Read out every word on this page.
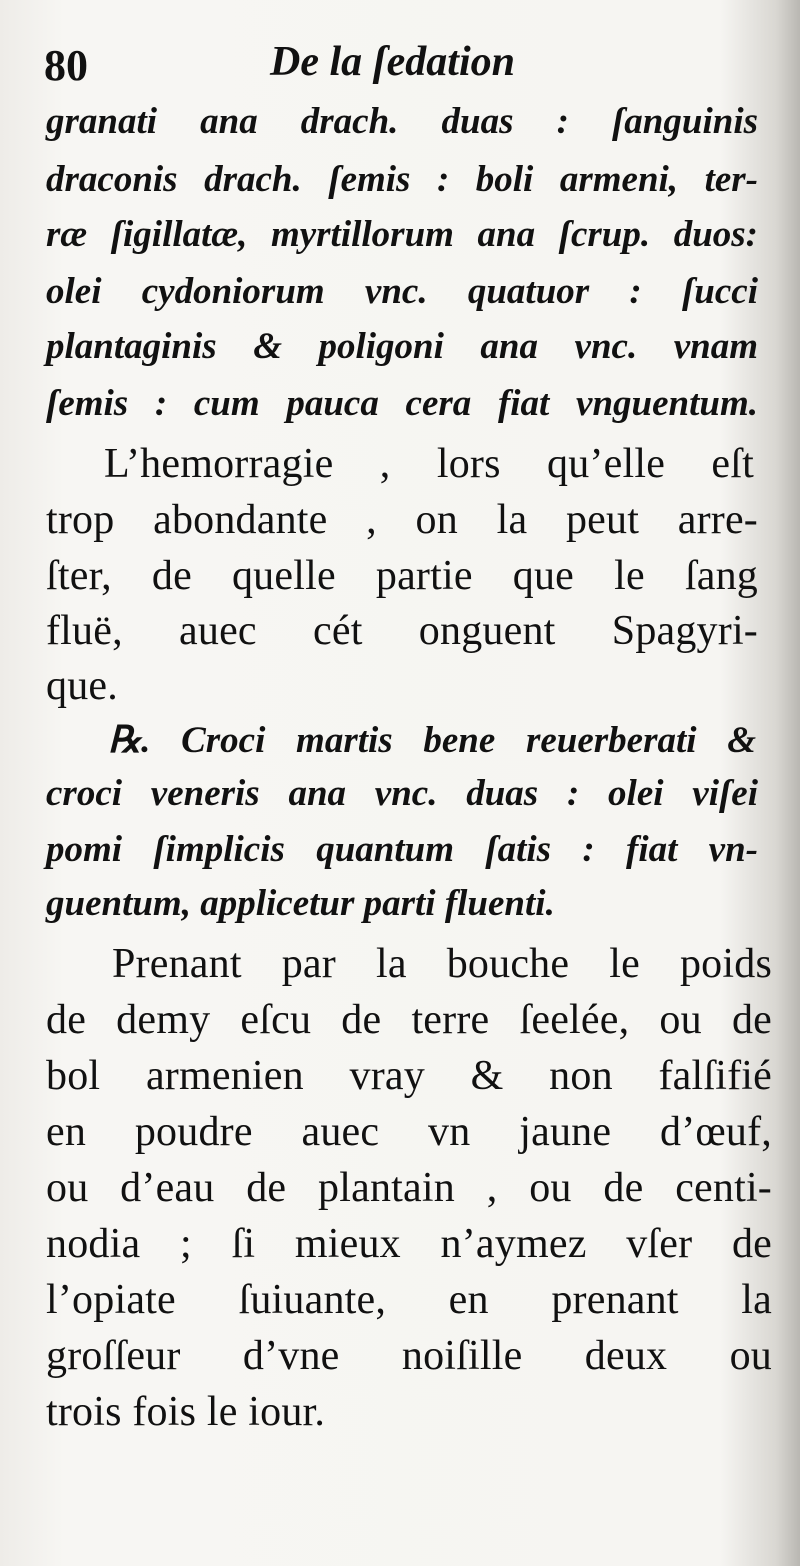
80	De la ſedation
granati ana drach. duas : ſanguinis
draconis drach. ſemis : boli armeni, ter-
ræ ſigillatæ, myrtillorum ana ſcrup. duos:
olei cydoniorum vnc. quatuor : ſucci
plantaginis & poligoni ana vnc. vnam
ſemis : cum pauca cera fiat vnguentum.
L’hemorragie , lors qu’elle eſt
trop abondante , on la peut arre-
ſter, de quelle partie que le ſang
fluë, auec cét onguent Spagyri-
que.
℞. Croci martis bene reuerberati &
croci veneris ana vnc. duas : olei viſei
pomi ſimplicis quantum ſatis : fiat vn-
guentum, applicetur parti fluenti.
Prenant par la bouche le poids
de demy eſcu de terre ſeelée, ou de
bol armenien vray & non falſifié
en poudre auec vn jaune d’œuf,
ou d’eau de plantain , ou de centi-
nodia ; ſi mieux n’aymez vſer de
l’opiate ſuiuante, en prenant la
groſſeur d’vne noiſille deux ou
trois fois le iour.
